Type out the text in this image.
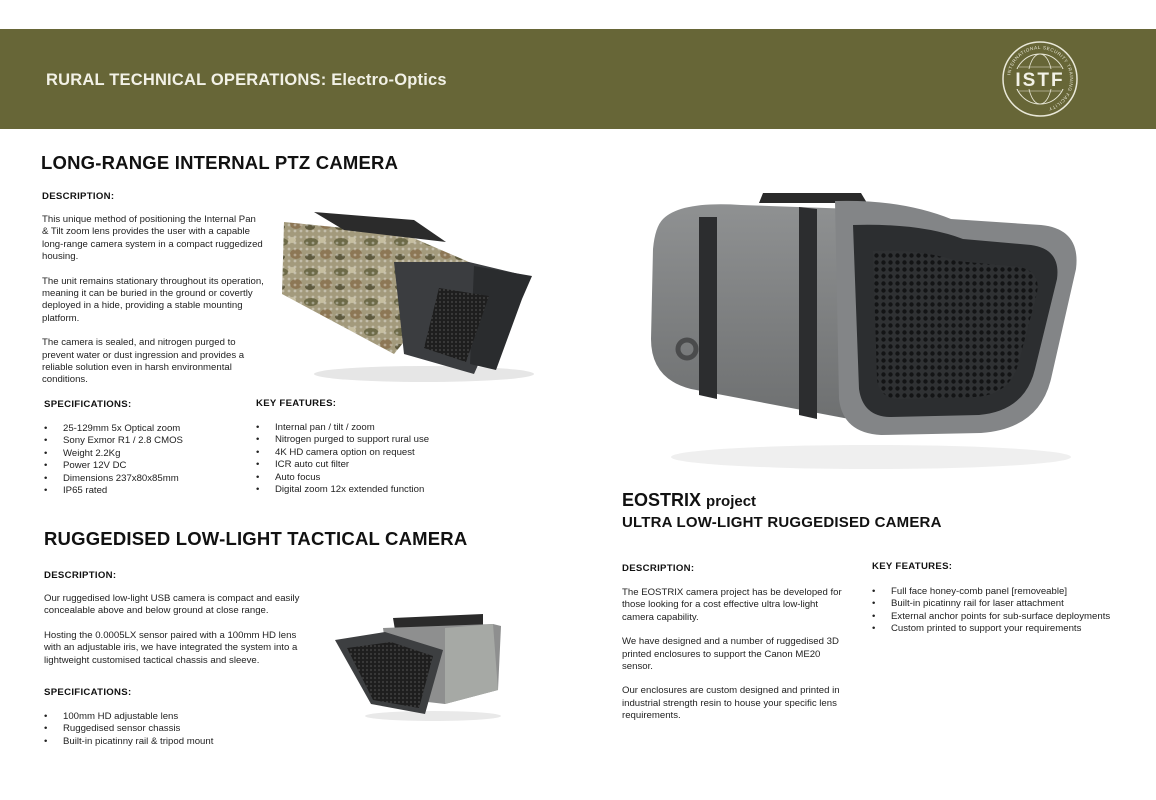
RURAL TECHNICAL OPERATIONS: Electro-Optics	ISTF
INTERNATIONAL SECURITY TRAINING FACILITY
LONG-RANGE INTERNAL PTZ CAMERA
DESCRIPTION:

This unique method of positioning the Internal Pan & Tilt zoom lens provides the user with a capable long-range camera system in a compact ruggedized housing.

The unit remains stationary throughout its operation, meaning it can be buried in the ground or covertly deployed in a hide, providing a stable mounting platform.

The camera is sealed, and nitrogen purged to prevent water or dust ingression and provides a reliable solution even in harsh environmental conditions.

SPECIFICATIONS:
• 25-129mm 5x Optical zoom
• Sony Exmor R1 / 2.8 CMOS
• Weight 2.2Kg
• Power 12V DC
• Dimensions 237x80x85mm
• IP65 rated
KEY FEATURES:
• Internal pan / tilt / zoom
• Nitrogen purged to support rural use
• 4K HD camera option on request
• ICR auto cut filter
• Auto focus
• Digital zoom 12x extended function
RUGGEDISED LOW-LIGHT TACTICAL CAMERA
DESCRIPTION:

Our ruggedised low-light USB camera is compact and easily concealable above and below ground at close range.

Hosting the 0.0005LX sensor paired with a 100mm HD lens with an adjustable iris, we have integrated the system into a lightweight customised tactical chassis and sleeve.

SPECIFICATIONS:
• 100mm HD adjustable lens
• Ruggedised sensor chassis
• Built-in picatinny rail & tripod mount
EOSTRIX project
ULTRA LOW-LIGHT RUGGEDISED CAMERA
DESCRIPTION:

The EOSTRIX camera project has be developed for those looking for a cost effective ultra low-light camera capability.

We have designed and a number of ruggedised 3D printed enclosures to support the Canon ME20 sensor.

Our enclosures are custom designed and printed in industrial strength resin to house your specific lens requirements.

KEY FEATURES:
• Full face honey-comb panel [removeable]
• Built-in picatinny rail for laser attachment
• External anchor points for sub-surface deployments
• Custom printed to support your requirements
